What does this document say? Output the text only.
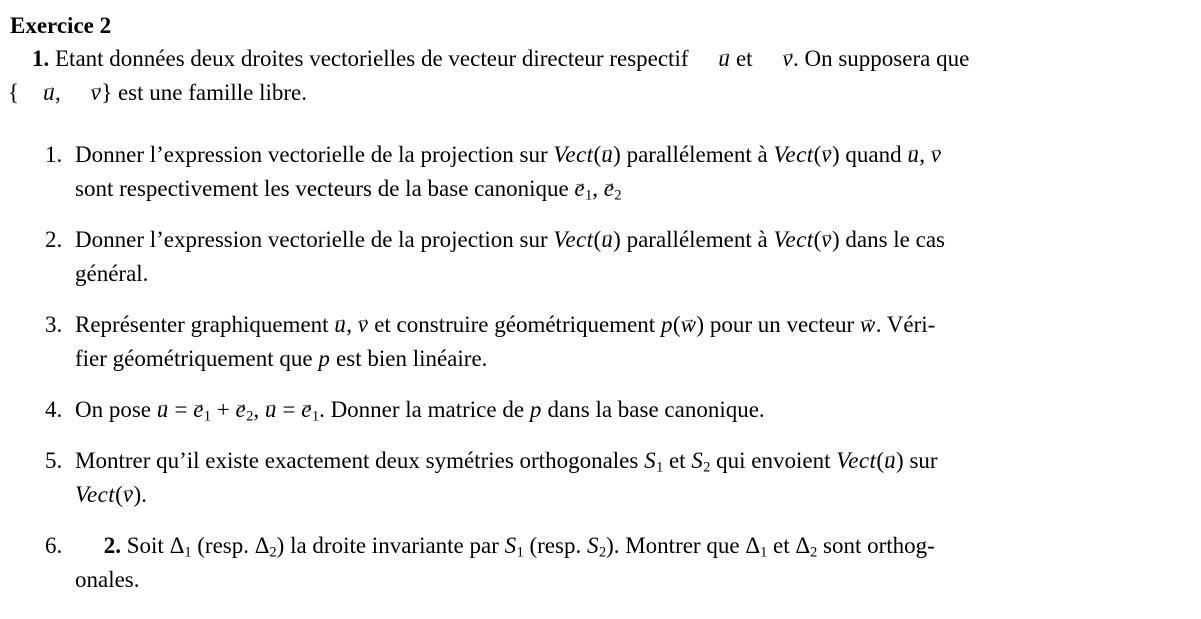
Exercice 2

1. Etant données deux droites vectorielles de vecteur directeur respectif u → et v →. On supposera que
{ u →, v →} est une famille libre.

1. Donner l’expression vectorielle de la projection sur Vect(u →) parallélement à Vect(v →) quand u →, v →
sont respectivement les vecteurs de la base canonique $e \to_1$, $e \to_2$
2. Donner l’expression vectorielle de la projection sur Vect(u →) parallélement à Vect(v →) dans le cas
général.
3. Représenter graphiquement u →, v → et construire géométriquement p(w →) pour un vecteur w →. Véri-
fier géométriquement que p est bien linéaire.
4. On pose u → = $e \to_1 + e \to_2$, u → = $e \to_1$. Donner la matrice de p dans la base canonique.
5. Montrer qu’il existe exactement deux symétries orthogonales $S_1$ et $S_2$ qui envoient Vect(u →) sur
Vect(v →).
6. 2. Soit $\Delta_1$ (resp. $\Delta_2$) la droite invariante par $S_1$ (resp. $S_2$). Montrer que $\Delta_1$ et $\Delta_2$ sont orthog-
onales.
